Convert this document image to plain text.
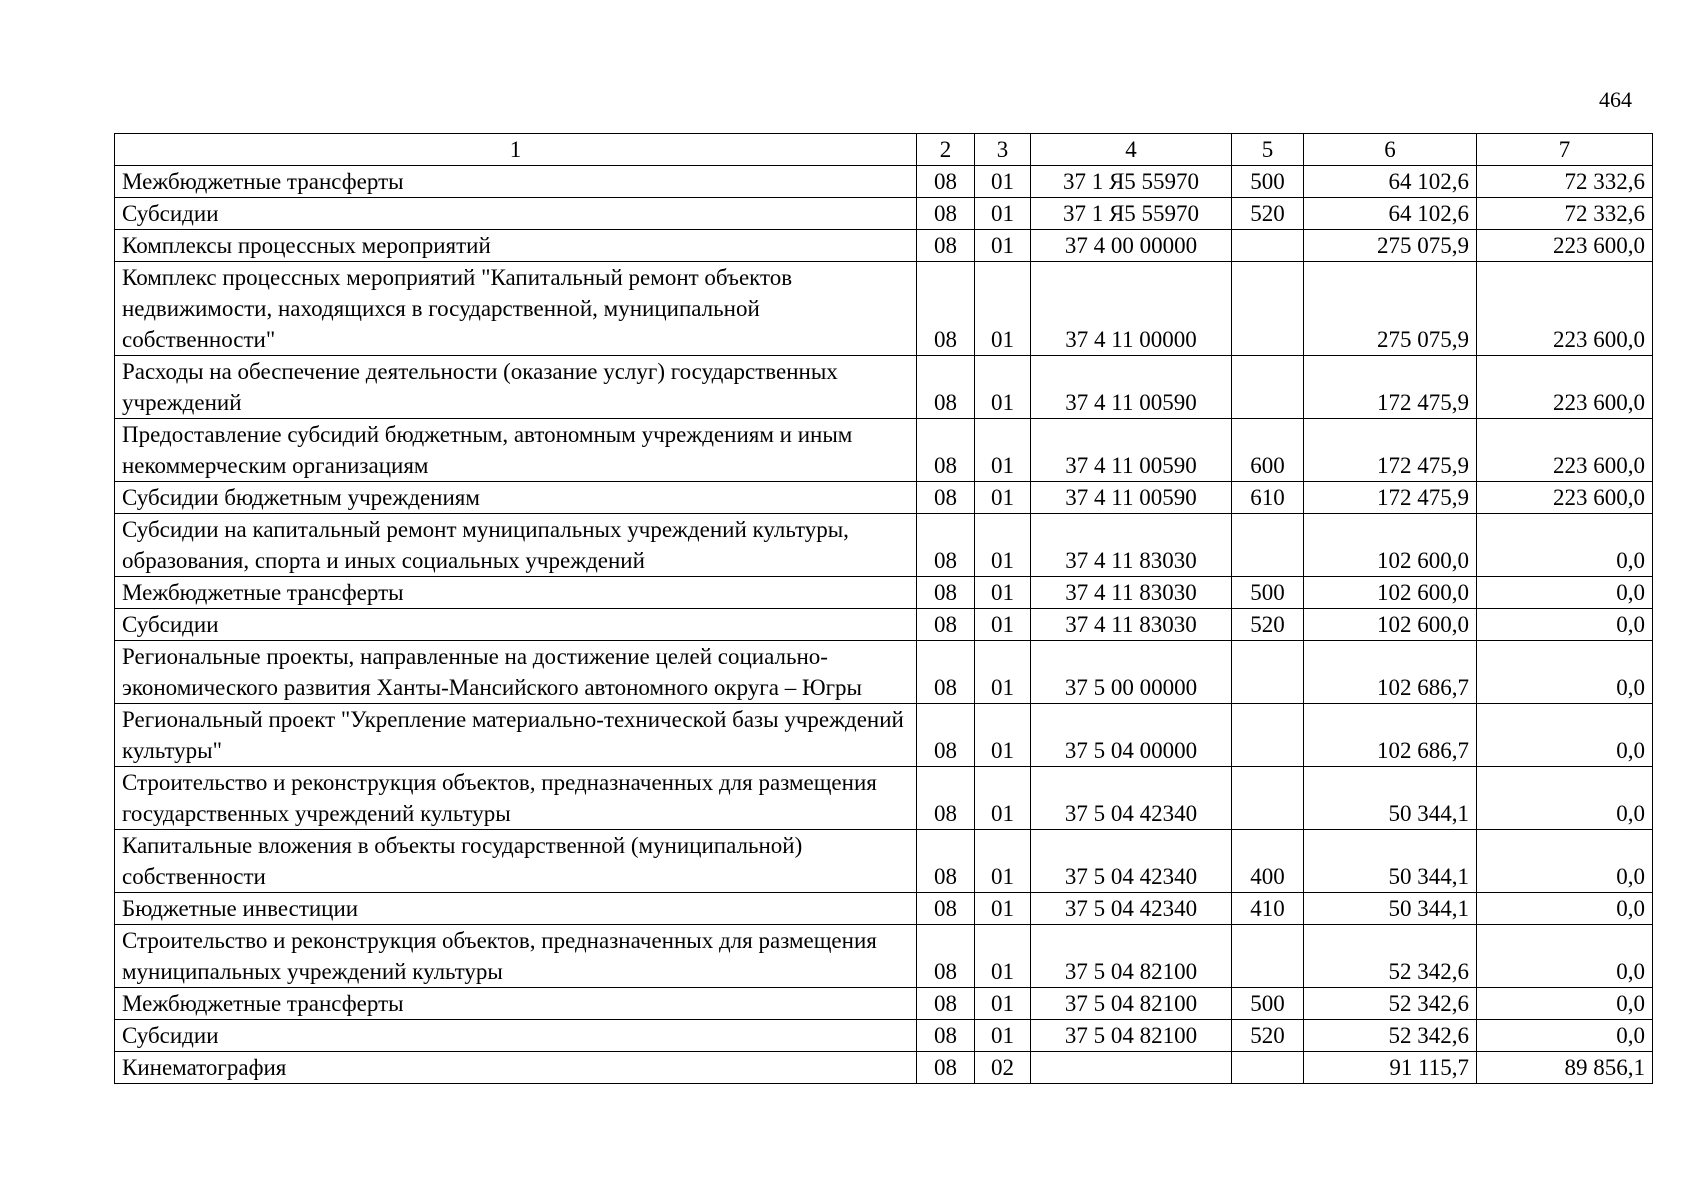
464
1	2	3	4	5	6	7
Межбюджетные трансферты	08	01	37 1 Я5 55970	500	64 102,6	72 332,6
Субсидии	08	01	37 1 Я5 55970	520	64 102,6	72 332,6
Комплексы процессных мероприятий	08	01	37 4 00 00000		275 075,9	223 600,0
Комплекс процессных мероприятий "Капитальный ремонт объектов недвижимости, находящихся в государственной, муниципальной собственности"	08	01	37 4 11 00000		275 075,9	223 600,0
Расходы на обеспечение деятельности (оказание услуг) государственных учреждений	08	01	37 4 11 00590		172 475,9	223 600,0
Предоставление субсидий бюджетным, автономным учреждениям и иным некоммерческим организациям	08	01	37 4 11 00590	600	172 475,9	223 600,0
Субсидии бюджетным учреждениям	08	01	37 4 11 00590	610	172 475,9	223 600,0
Субсидии на капитальный ремонт муниципальных учреждений культуры, образования, спорта и иных социальных учреждений	08	01	37 4 11 83030		102 600,0	0,0
Межбюджетные трансферты	08	01	37 4 11 83030	500	102 600,0	0,0
Субсидии	08	01	37 4 11 83030	520	102 600,0	0,0
Региональные проекты, направленные на достижение целей социально-экономического развития Ханты-Мансийского автономного округа – Югры	08	01	37 5 00 00000		102 686,7	0,0
Региональный проект "Укрепление материально-технической базы учреждений культуры"	08	01	37 5 04 00000		102 686,7	0,0
Строительство и реконструкция объектов, предназначенных для размещения государственных учреждений культуры	08	01	37 5 04 42340		50 344,1	0,0
Капитальные вложения в объекты государственной (муниципальной) собственности	08	01	37 5 04 42340	400	50 344,1	0,0
Бюджетные инвестиции	08	01	37 5 04 42340	410	50 344,1	0,0
Строительство и реконструкция объектов, предназначенных для размещения муниципальных учреждений культуры	08	01	37 5 04 82100		52 342,6	0,0
Межбюджетные трансферты	08	01	37 5 04 82100	500	52 342,6	0,0
Субсидии	08	01	37 5 04 82100	520	52 342,6	0,0
Кинематография	08	02			91 115,7	89 856,1
